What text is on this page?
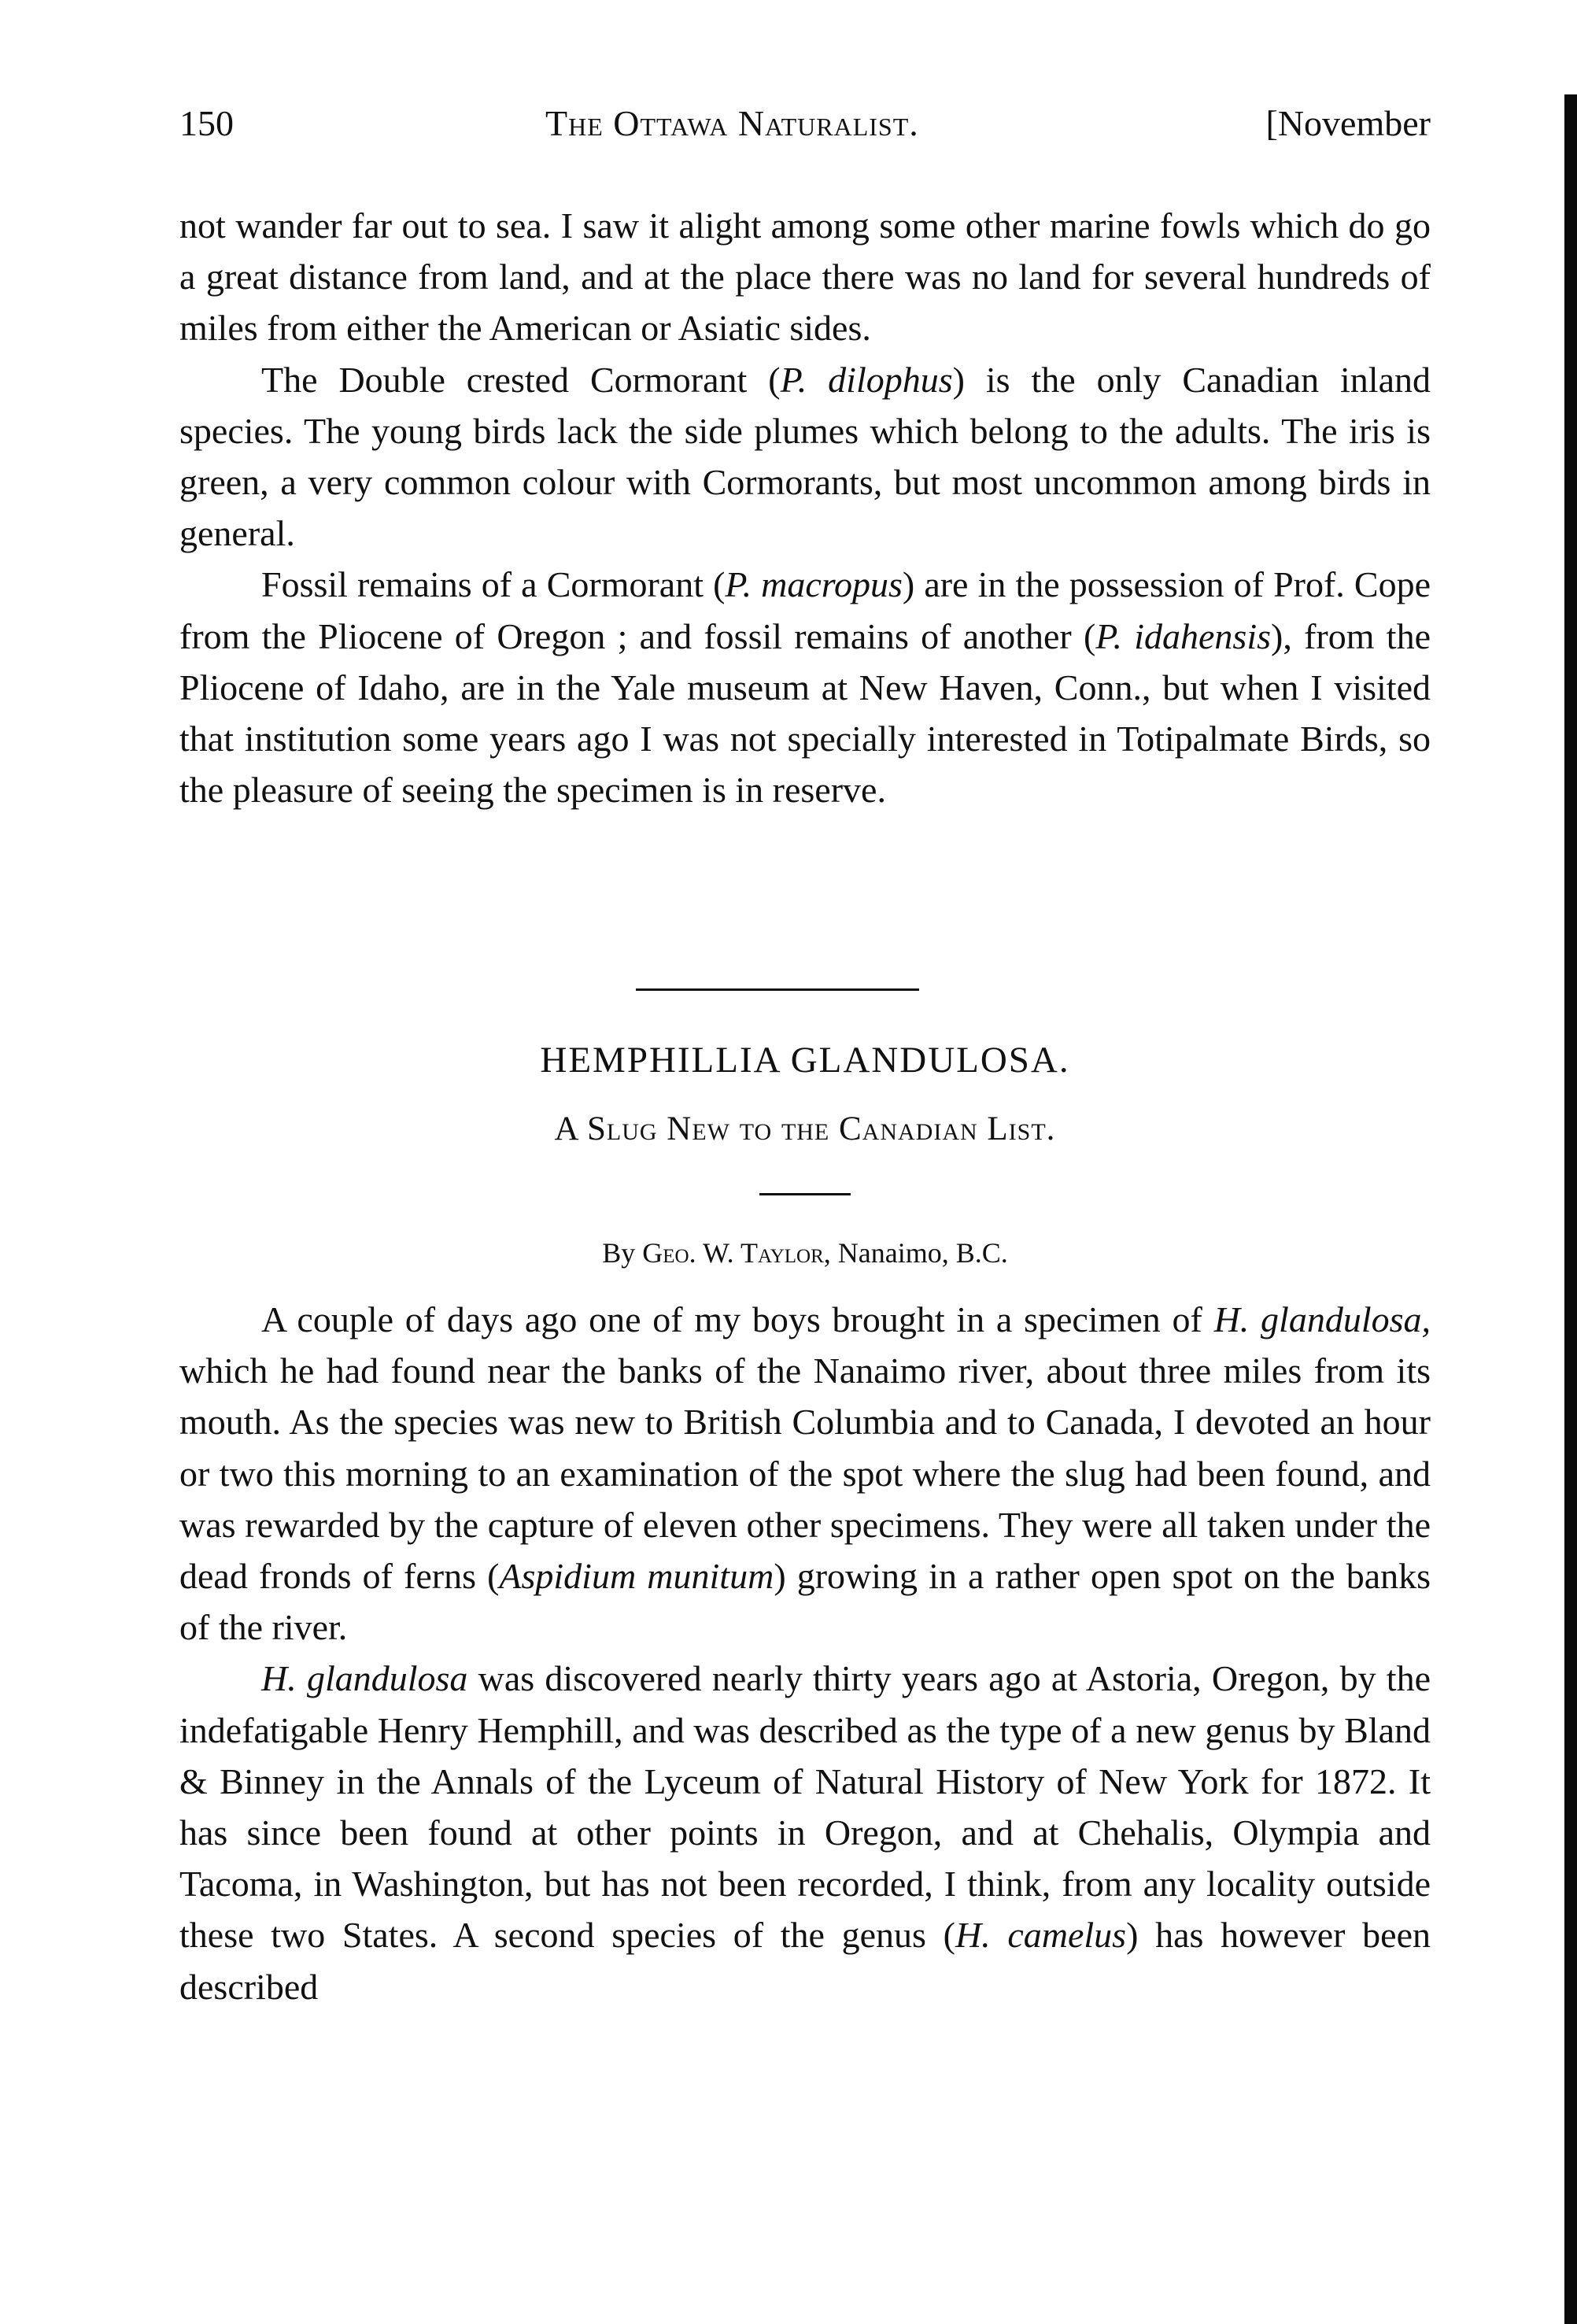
150	The Ottawa Naturalist.	[November

not wander far out to sea. I saw it alight among some other marine fowls which do go a great distance from land, and at the place there was no land for several hundreds of miles from either the American or Asiatic sides.

The Double crested Cormorant (P. dilophus) is the only Canadian inland species. The young birds lack the side plumes which belong to the adults. The iris is green, a very common colour with Cormorants, but most uncommon among birds in general.

Fossil remains of a Cormorant (P. macropus) are in the possession of Prof. Cope from the Pliocene of Oregon ; and fossil remains of another (P. idahensis), from the Pliocene of Idaho, are in the Yale museum at New Haven, Conn., but when I visited that institution some years ago I was not specially interested in Totipalmate Birds, so the pleasure of seeing the specimen is in reserve.

HEMPHILLIA GLANDULOSA.
A Slug New to the Canadian List.
By Geo. W. Taylor, Nanaimo, B.C.

A couple of days ago one of my boys brought in a specimen of H. glandulosa, which he had found near the banks of the Nanaimo river, about three miles from its mouth. As the species was new to British Columbia and to Canada, I devoted an hour or two this morning to an examination of the spot where the slug had been found, and was rewarded by the capture of eleven other specimens. They were all taken under the dead fronds of ferns (Aspidium munitum) growing in a rather open spot on the banks of the river.

H. glandulosa was discovered nearly thirty years ago at Astoria, Oregon, by the indefatigable Henry Hemphill, and was described as the type of a new genus by Bland & Binney in the Annals of the Lyceum of Natural History of New York for 1872. It has since been found at other points in Oregon, and at Chehalis, Olympia and Tacoma, in Washington, but has not been recorded, I think, from any locality outside these two States. A second species of the genus (H. camelus) has however been described
